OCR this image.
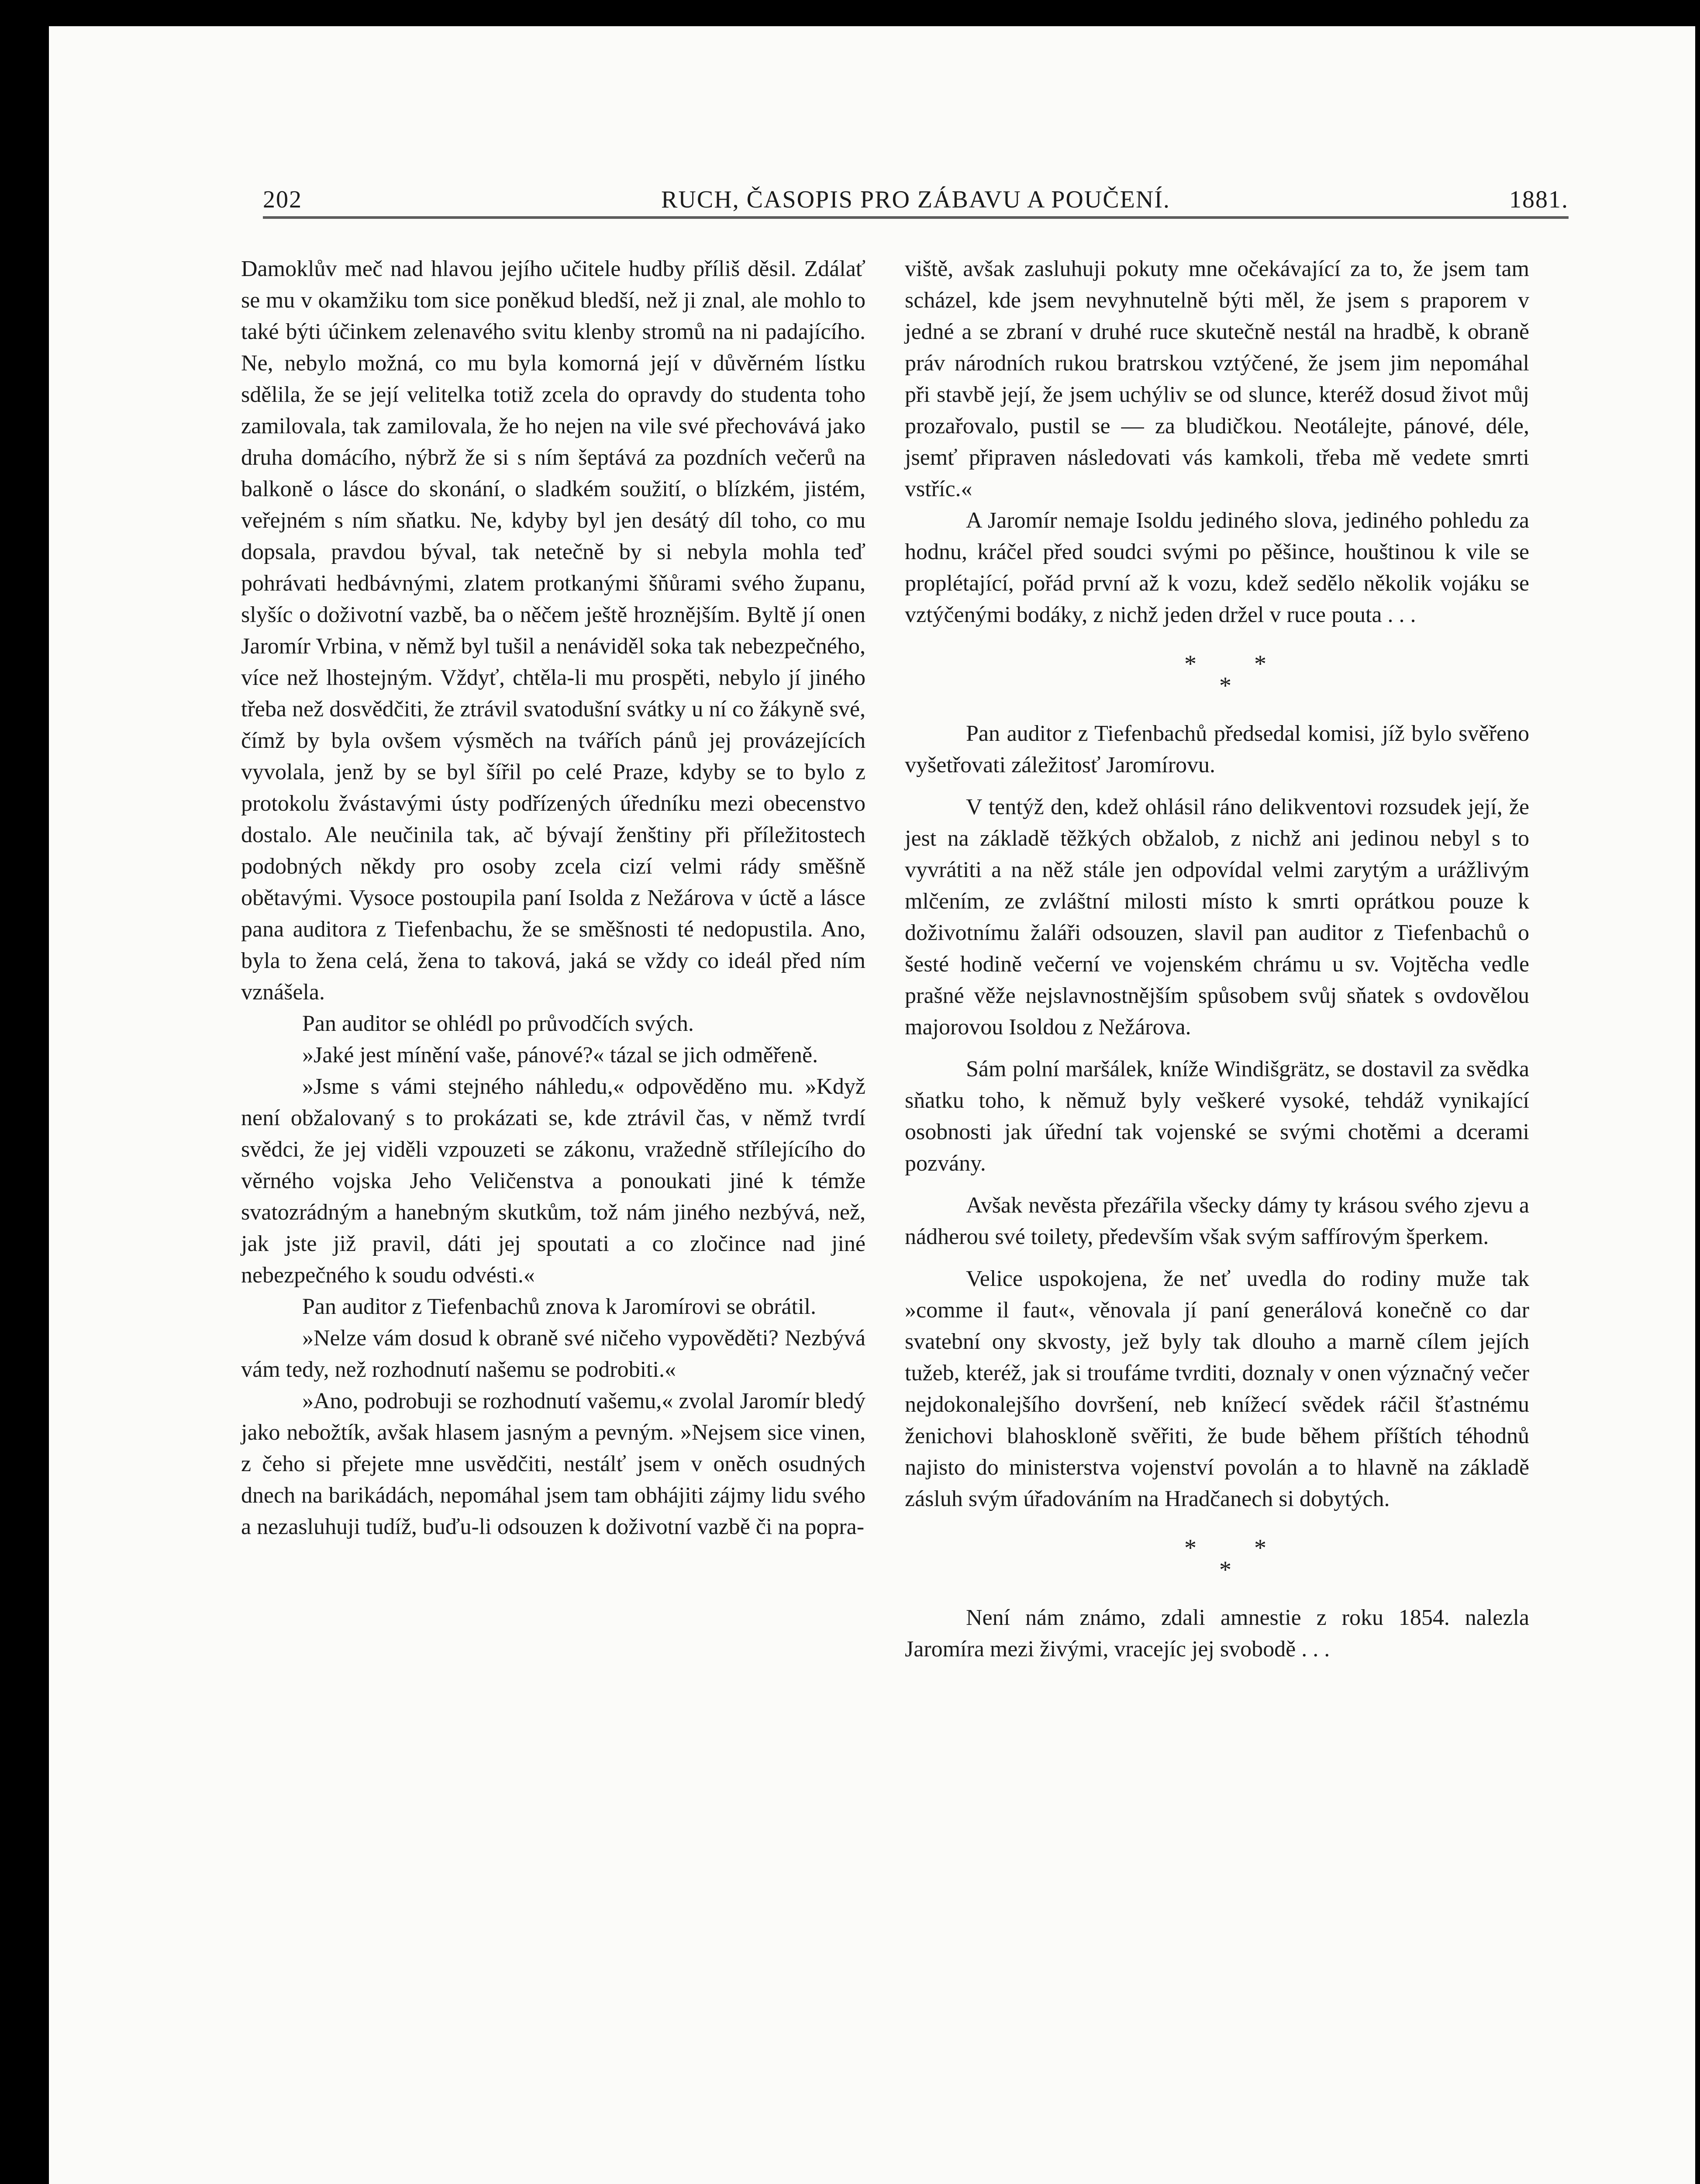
202	RUCH, ČASOPIS PRO ZÁBAVU A POUČENÍ.	1881.

Damoklův meč nad hlavou jejího učitele hudby příliš děsil. Zdálať se mu v okamžiku tom sice poněkud bledší, než ji znal, ale mohlo to také býti účinkem zelenavého svitu klenby stromů na ni padajícího. Ne, nebylo možná, co mu byla komorná její v důvěrném lístku sdělila, že se její velitelka totiž zcela do opravdy do studenta toho zamilovala, tak zamilovala, že ho nejen na vile své přechovává jako druha domácího, nýbrž že si s ním šeptává za pozdních večerů na balkoně o lásce do skonání, o sladkém soužití, o blízkém, jistém, veřejném s ním sňatku. Ne, kdyby byl jen desátý díl toho, co mu dopsala, pravdou býval, tak netečně by si nebyla mohla teď pohrávati hedbávnými, zlatem protkanými šňůrami svého županu, slyšíc o doživotní vazbě, ba o něčem ještě hroznějším. Byltě jí onen Jaromír Vrbina, v němž byl tušil a nenáviděl soka tak nebezpečného, více než lhostejným. Vždyť, chtěla-li mu prospěti, nebylo jí jiného třeba než dosvědčiti, že ztrávil svatodušní svátky u ní co žákyně své, čímž by byla ovšem výsměch na tvářích pánů jej provázejících vyvolala, jenž by se byl šířil po celé Praze, kdyby se to bylo z protokolu žvástavými ústy podřízených úředníku mezi obecenstvo dostalo. Ale neučinila tak, ač bývají ženštiny při příležitostech podobných někdy pro osoby zcela cizí velmi rády směšně obětavými. Vysoce postoupila paní Isolda z Nežárova v úctě a lásce pana auditora z Tiefenbachu, že se směšnosti té nedopustila. Ano, byla to žena celá, žena to taková, jaká se vždy co ideál před ním vznášela.

Pan auditor se ohlédl po průvodčích svých.

»Jaké jest mínění vaše, pánové?« tázal se jich odměřeně.

»Jsme s vámi stejného náhledu,« odpověděno mu. »Když není obžalovaný s to prokázati se, kde ztrávil čas, v němž tvrdí svědci, že jej viděli vzpouzeti se zákonu, vražedně střílejícího do věrného vojska Jeho Veličenstva a ponoukati jiné k témže svatozrádným a hanebným skutkům, tož nám jiného nezbývá, než, jak jste již pravil, dáti jej spoutati a co zločince nad jiné nebezpečného k soudu odvésti.«

Pan auditor z Tiefenbachů znova k Jaromírovi se obrátil.

»Nelze vám dosud k obraně své ničeho vypověděti? Nezbývá vám tedy, než rozhodnutí našemu se podrobiti.«

»Ano, podrobuji se rozhodnutí vašemu,« zvolal Jaromír bledý jako nebožtík, avšak hlasem jasným a pevným. »Nejsem sice vinen, z čeho si přejete mne usvědčiti, nestálť jsem v oněch osudných dnech na barikádách, nepomáhal jsem tam obhájiti zájmy lidu svého a nezasluhuji tudíž, buďu-li odsouzen k doživotní vazbě či na popra-

viště, avšak zasluhuji pokuty mne očekávající za to, že jsem tam scházel, kde jsem nevyhnutelně býti měl, že jsem s praporem v jedné a se zbraní v druhé ruce skutečně nestál na hradbě, k obraně práv národních rukou bratrskou vztýčené, že jsem jim nepomáhal při stavbě její, že jsem uchýliv se od slunce, kteréž dosud život můj prozařovalo, pustil se — za bludičkou. Neotálejte, pánové, déle, jsemť připraven následovati vás kamkoli, třeba mě vedete smrti vstříc.«

A Jaromír nemaje Isoldu jediného slova, jediného pohledu za hodnu, kráčel před soudci svými po pěšince, houštinou k vile se proplétající, pořád první až k vozu, kdež sedělo několik vojáku se vztýčenými bodáky, z nichž jeden držel v ruce pouta . . .

* *
*

Pan auditor z Tiefenbachů předsedal komisi, jíž bylo svěřeno vyšetřovati záležitosť Jaromírovu.

V tentýž den, kdež ohlásil ráno delikventovi rozsudek její, že jest na základě těžkých obžalob, z nichž ani jedinou nebyl s to vyvrátiti a na něž stále jen odpovídal velmi zarytým a urážlivým mlčením, ze zvláštní milosti místo k smrti oprátkou pouze k doživotnímu žaláři odsouzen, slavil pan auditor z Tiefenbachů o šesté hodině večerní ve vojenském chrámu u sv. Vojtěcha vedle prašné věže nejslavnostnějším spůsobem svůj sňatek s ovdovělou majorovou Isoldou z Nežárova.

Sám polní maršálek, kníže Windišgrätz, se dostavil za svědka sňatku toho, k němuž byly veškeré vysoké, tehdáž vynikající osobnosti jak úřední tak vojenské se svými chotěmi a dcerami pozvány.

Avšak nevěsta přezářila všecky dámy ty krásou svého zjevu a nádherou své toilety, především však svým saffírovým šperkem.

Velice uspokojena, že neť uvedla do rodiny muže tak »comme il faut«, věnovala jí paní generálová konečně co dar svatební ony skvosty, jež byly tak dlouho a marně cílem jejích tužeb, kteréž, jak si troufáme tvrditi, doznaly v onen význačný večer nejdokonalejšího dovršení, neb knížecí svědek ráčil šťastnému ženichovi blahoskloně svěřiti, že bude během příštích téhodnů najisto do ministerstva vojenství povolán a to hlavně na základě zásluh svým úřadováním na Hradčanech si dobytých.

* *
*

Není nám známo, zdali amnestie z roku 1854. nalezla Jaromíra mezi živými, vracejíc jej svobodě . . .
